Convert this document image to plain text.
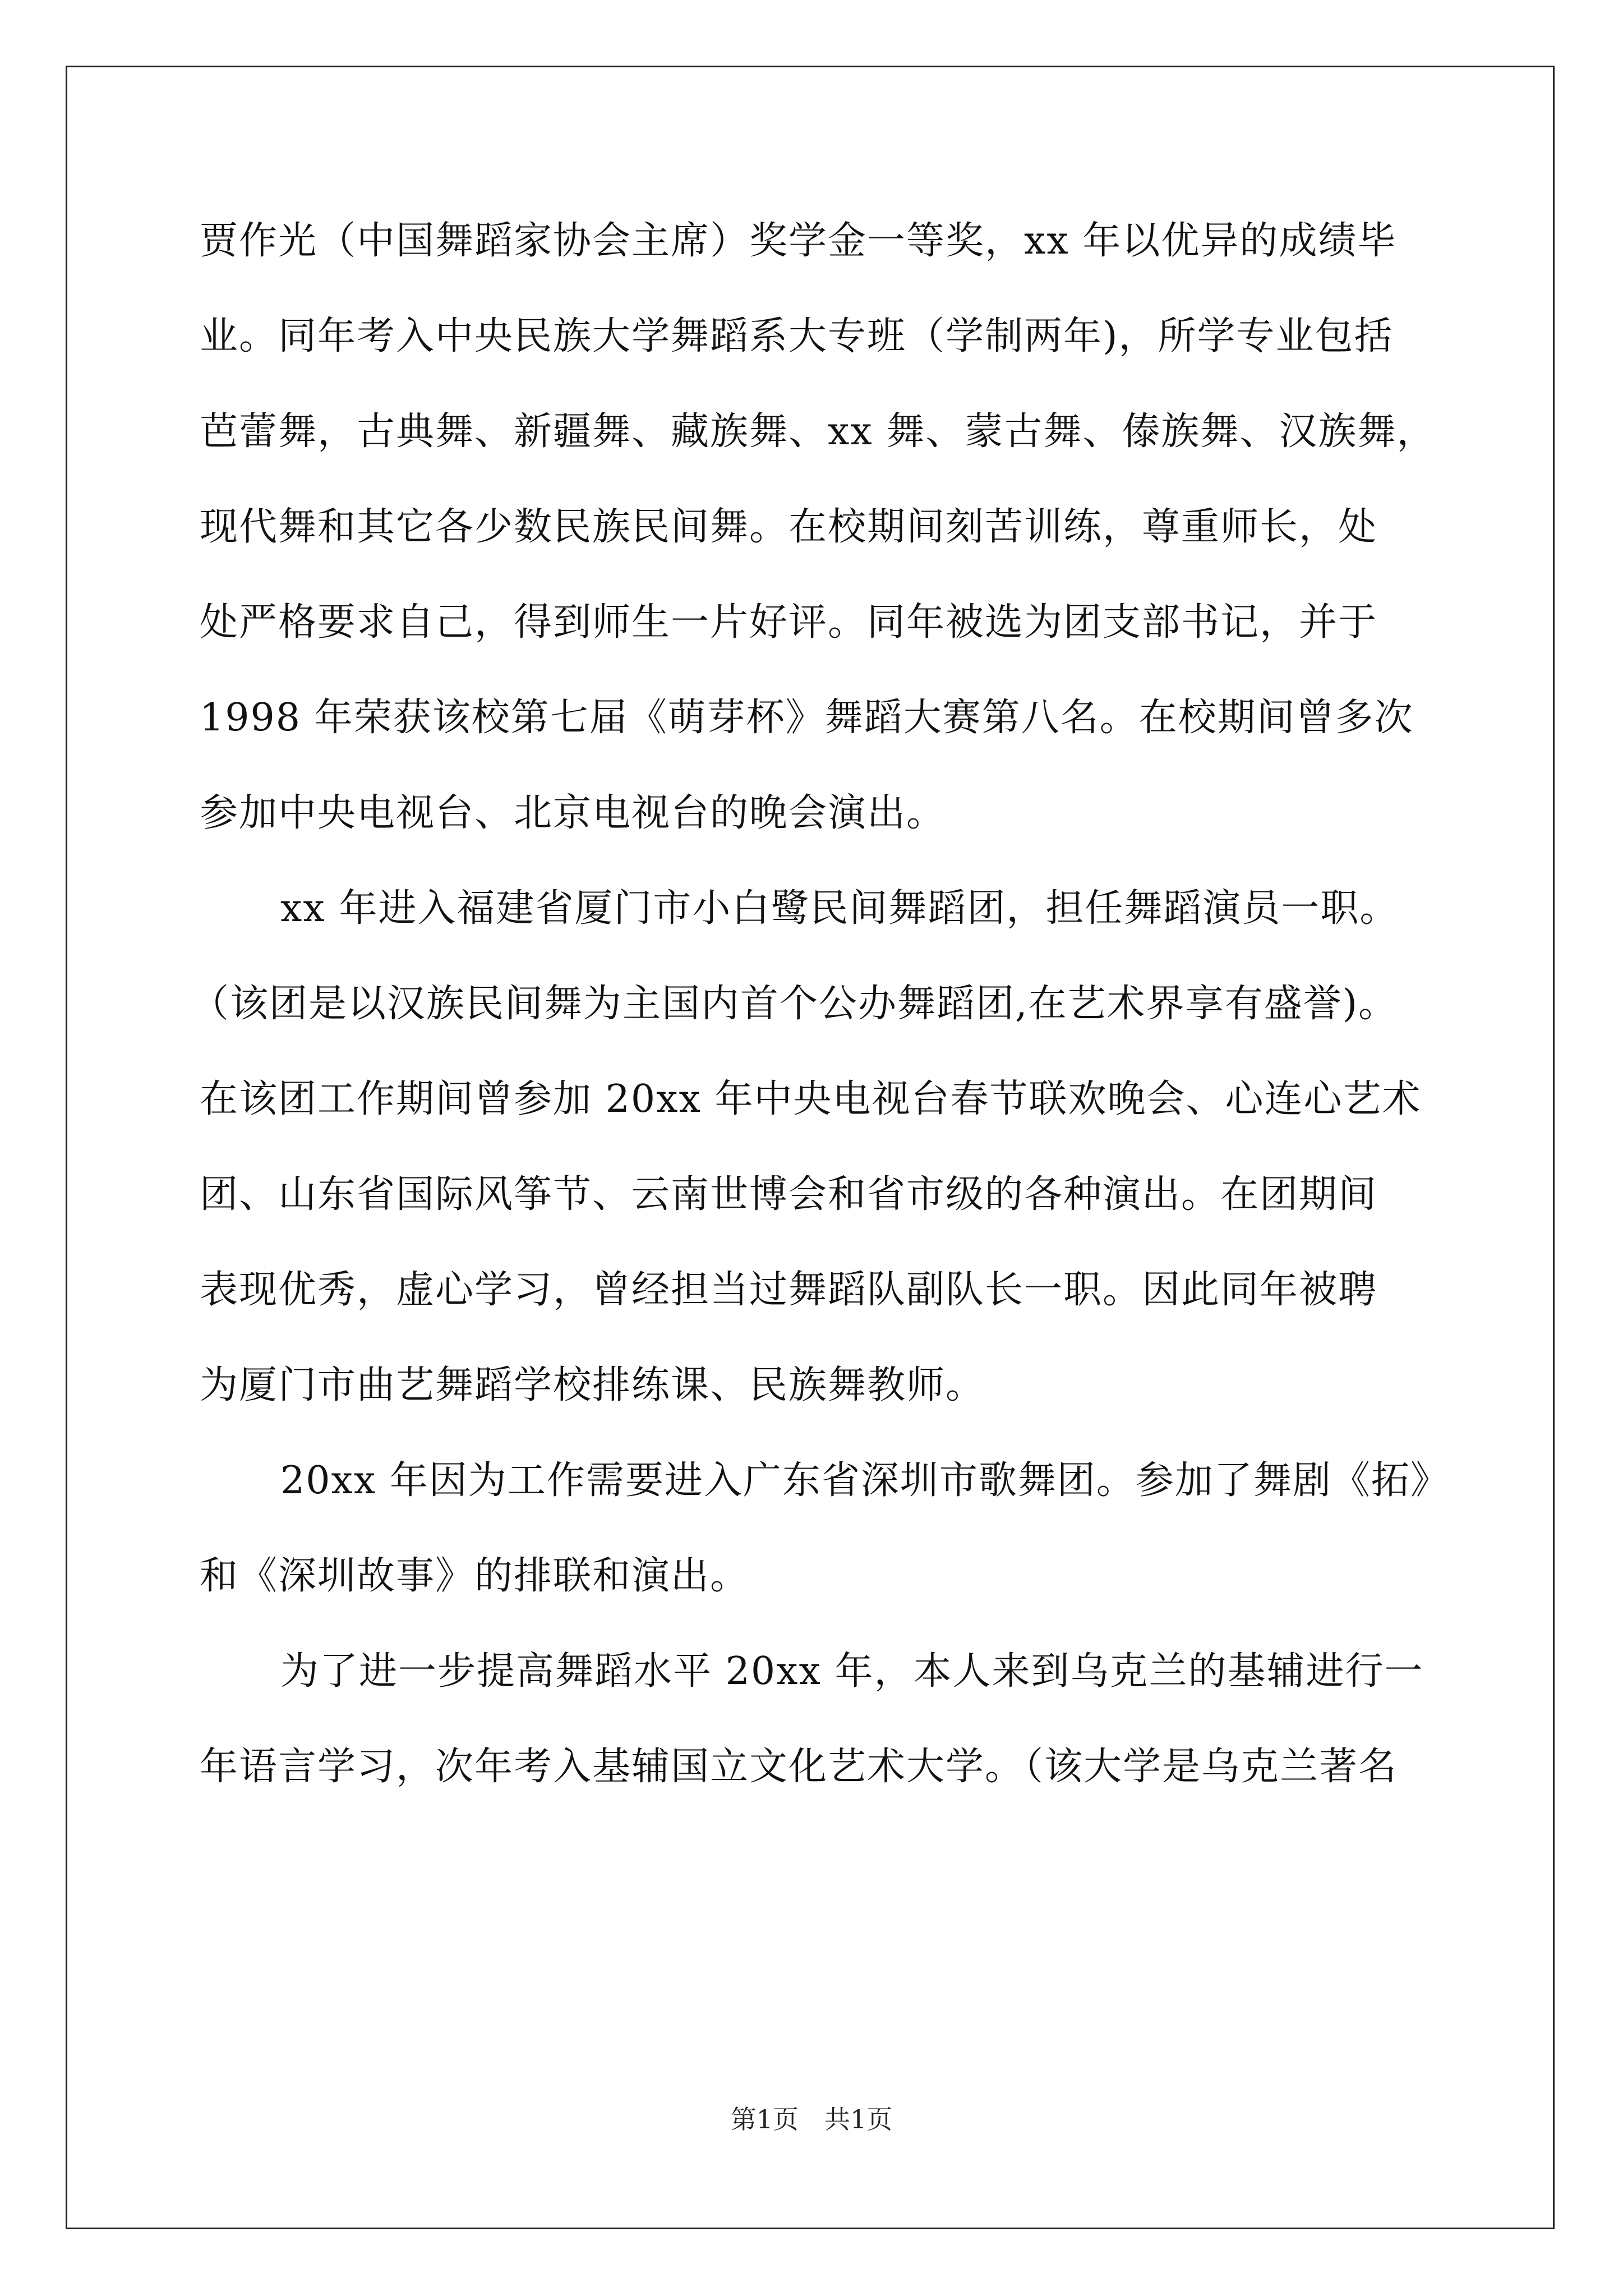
贾作光（中国舞蹈家协会主席）奖学金一等奖，xx 年以优异的成绩毕
业。同年考入中央民族大学舞蹈系大专班（学制两年)，所学专业包括
芭蕾舞，古典舞、新疆舞、藏族舞、xx 舞、蒙古舞、傣族舞、汉族舞，
现代舞和其它各少数民族民间舞。在校期间刻苦训练，尊重师长，处
处严格要求自己，得到师生一片好评。同年被选为团支部书记，并于
1998 年荣获该校第七届《萌芽杯》舞蹈大赛第八名。在校期间曾多次
参加中央电视台、北京电视台的晚会演出。
xx 年进入福建省厦门市小白鹭民间舞蹈团，担任舞蹈演员一职。
（该团是以汉族民间舞为主国内首个公办舞蹈团,在艺术界享有盛誉)。
在该团工作期间曾参加 20xx 年中央电视台春节联欢晚会、心连心艺术
团、山东省国际风筝节、云南世博会和省市级的各种演出。在团期间
表现优秀，虚心学习，曾经担当过舞蹈队副队长一职。因此同年被聘
为厦门市曲艺舞蹈学校排练课、民族舞教师。
20xx 年因为工作需要进入广东省深圳市歌舞团。参加了舞剧《拓》
和《深圳故事》的排联和演出。
为了进一步提高舞蹈水平 20xx 年，本人来到乌克兰的基辅进行一
年语言学习，次年考入基辅国立文化艺术大学。（该大学是乌克兰著名
第1页　共1页
